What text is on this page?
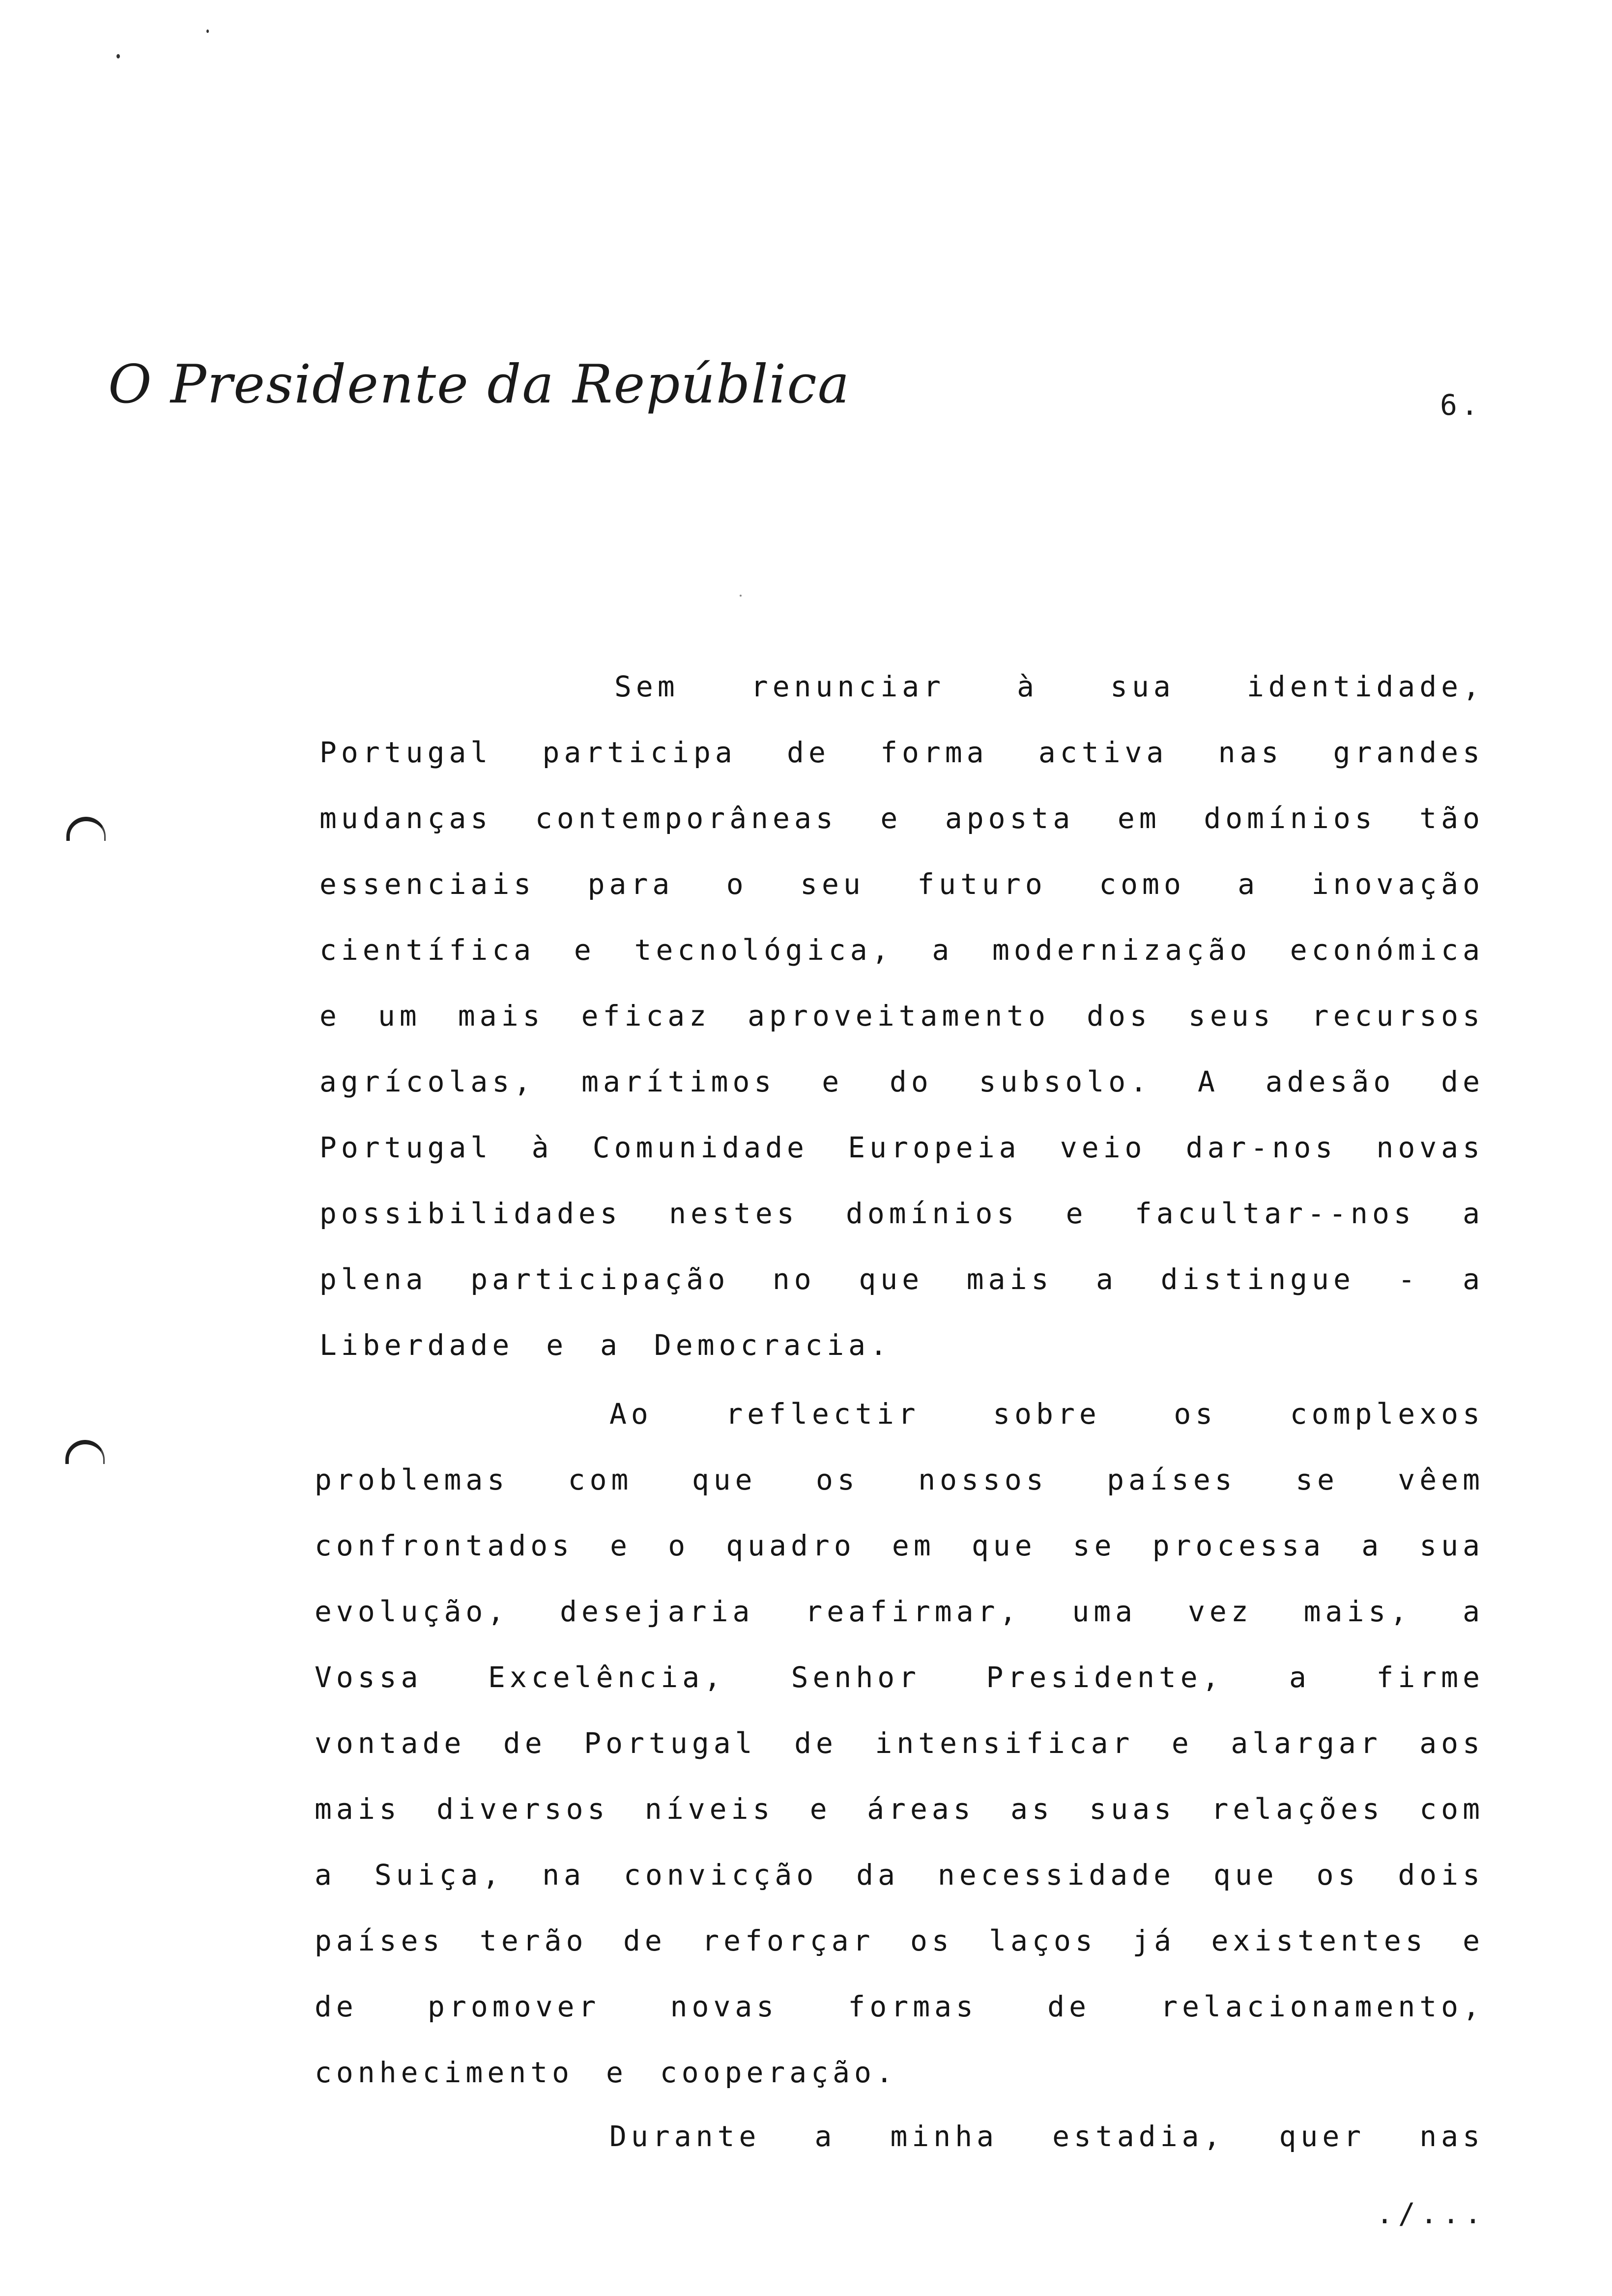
O Presidente da República	6.

Sem renunciar à sua identidade, Portugal participa de forma activa nas grandes mudanças contemporâneas e aposta em domínios tão essenciais para o seu futuro como a inovação científica e tecnológica, a modernização económica e um mais eficaz aproveitamento dos seus recursos agrícolas, marítimos e do subsolo. A adesão de Portugal à Comunidade Europeia veio dar-nos novas possibilidades nestes domínios e facultar--nos a plena participação no que mais a distingue - a Liberdade e a Democracia.

Ao reflectir sobre os complexos problemas com que os nossos países se vêem confrontados e o quadro em que se processa a sua evolução, desejaria reafirmar, uma vez mais, a Vossa Excelência, Senhor Presidente, a firme vontade de Portugal de intensificar e alargar aos mais diversos níveis e áreas as suas relações com a Suiça, na convicção da necessidade que os dois países terão de reforçar os laços já existentes e de promover novas formas de relacionamento, conhecimento e cooperação.

Durante a minha estadia, quer nas

./...
